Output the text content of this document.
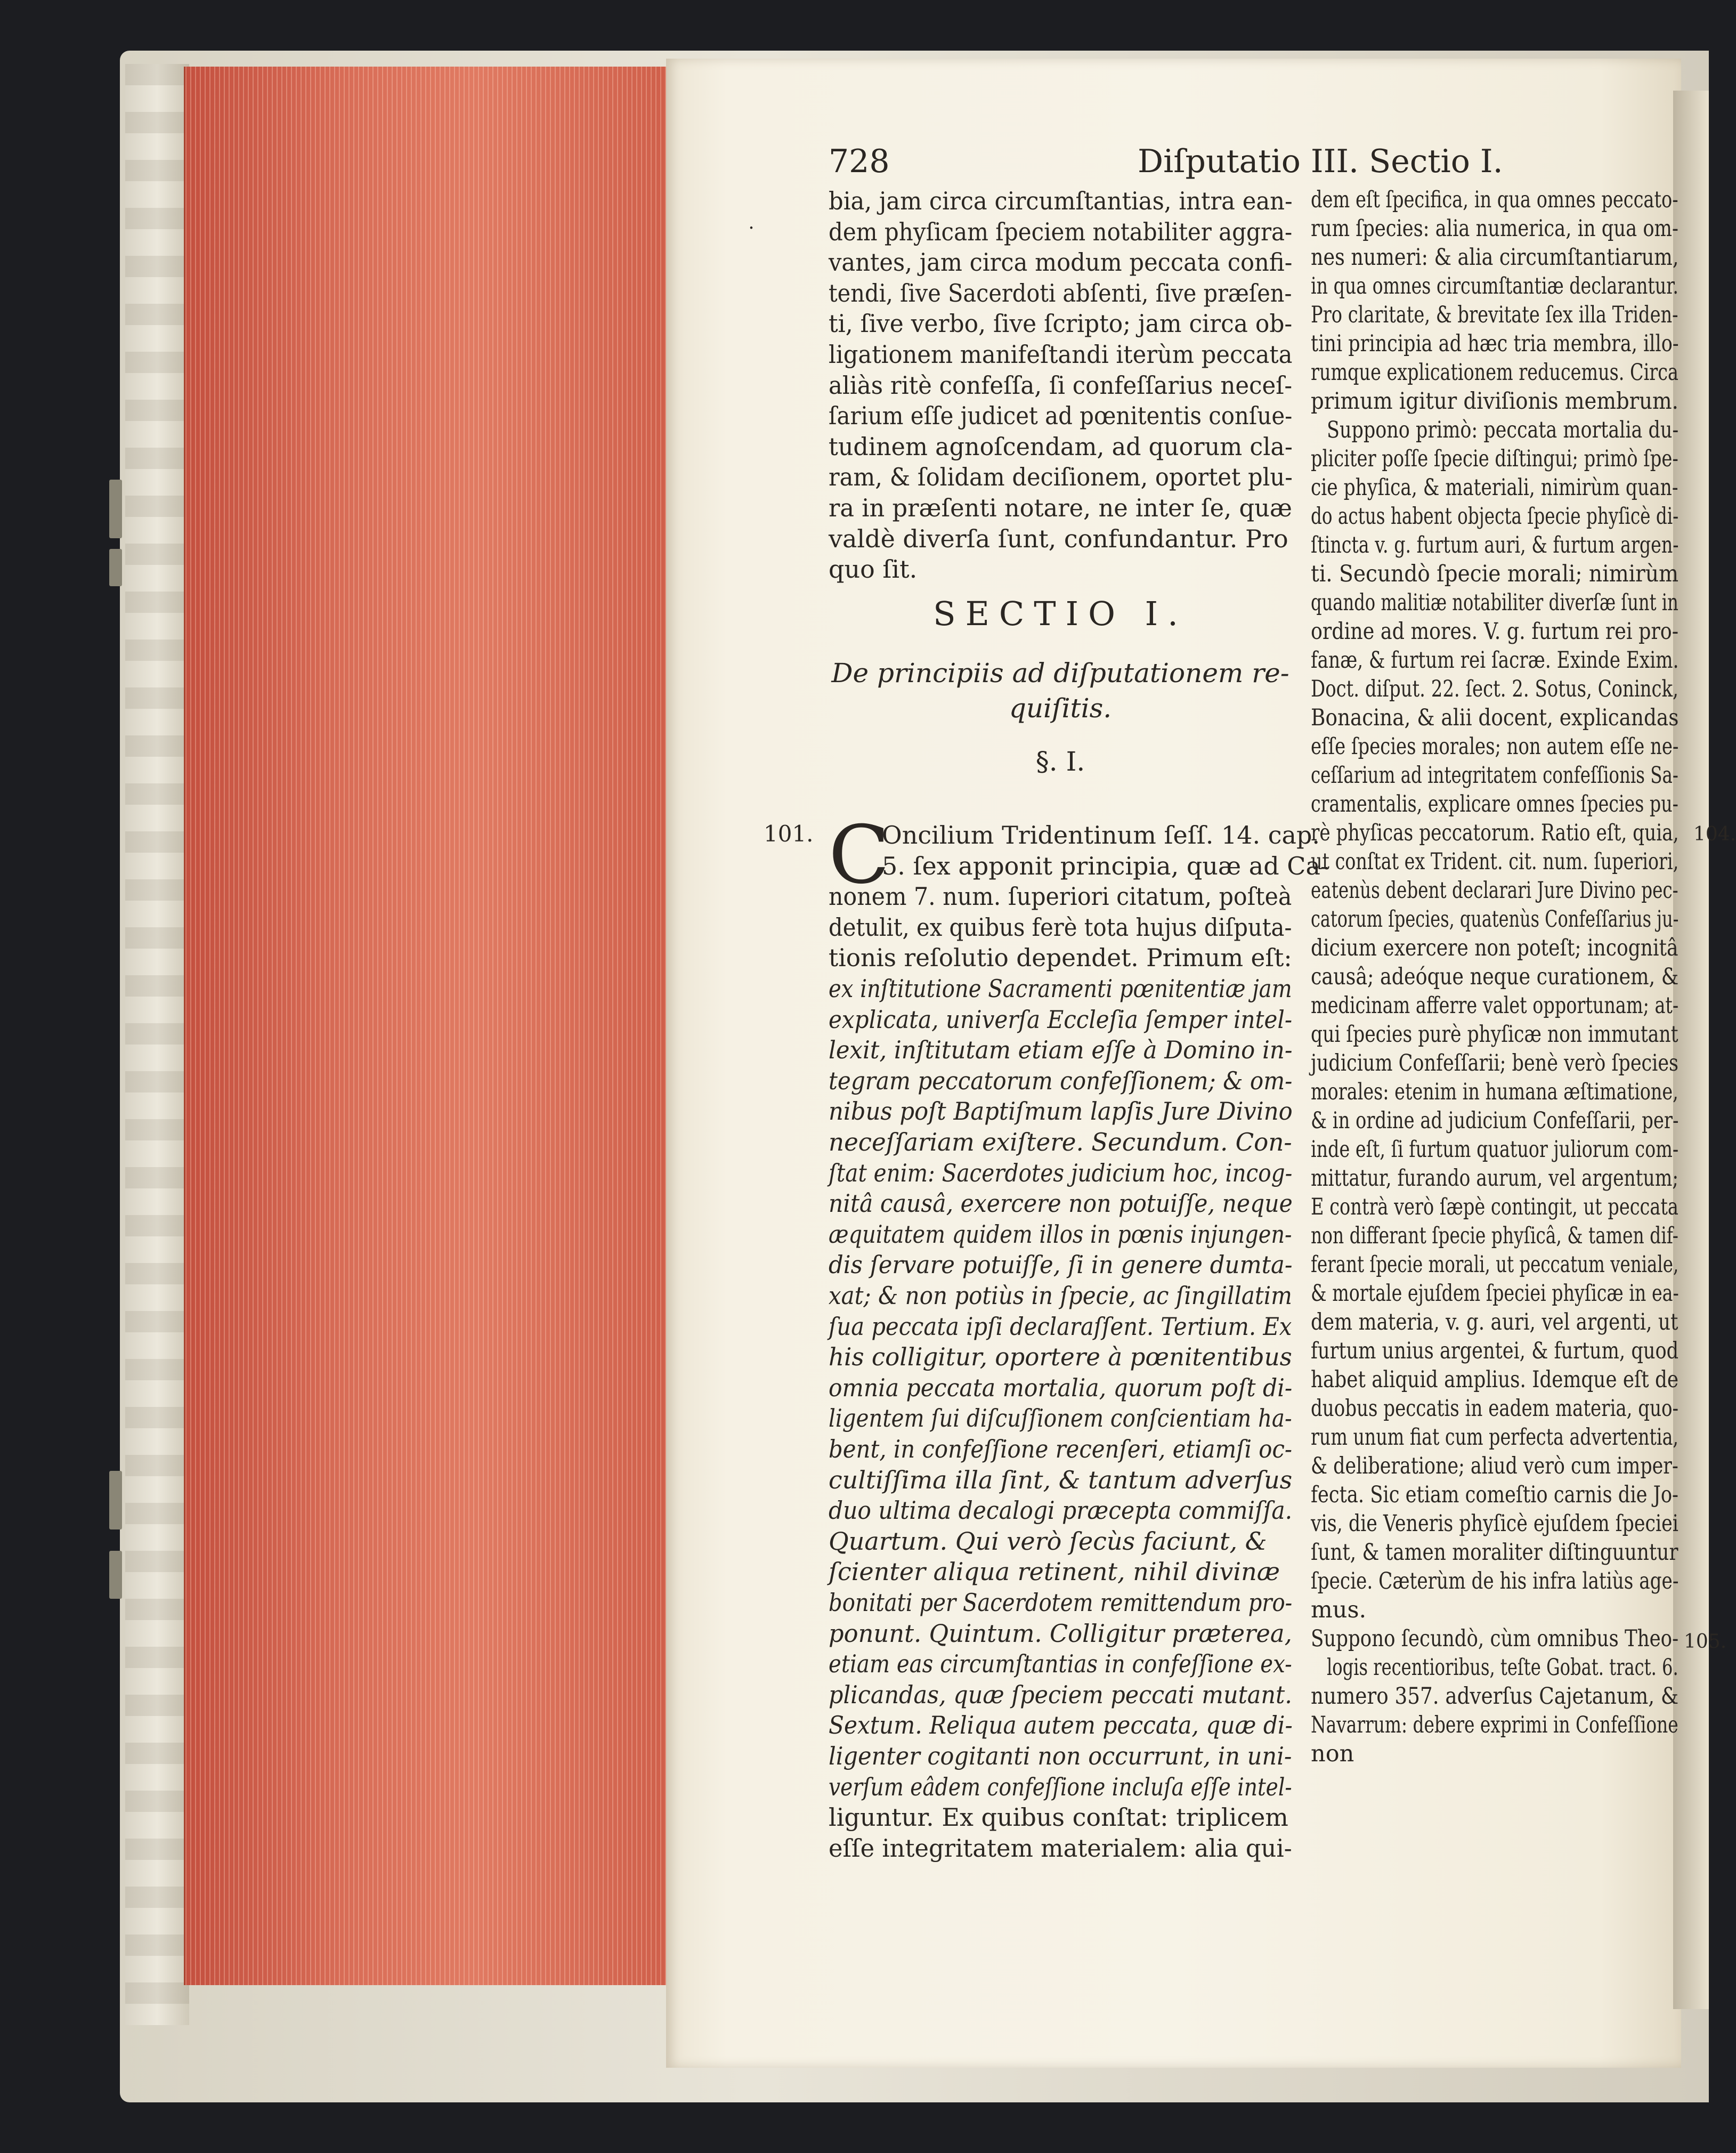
728	Diſputatio III. Sectio I.
SECTIO I.
De principiis ad diſputationem re-
quiſitis.
§. I.
C
101.	104.
105.
˙
bia, jam circa circumſtantias, intra ean-
dem phyſicam ſpeciem notabiliter aggra-
vantes, jam circa modum peccata confi-
tendi, ſive Sacerdoti abſenti, ſive præſen-
ti, ſive verbo, ſive ſcripto; jam circa ob-
ligationem manifeſtandi iterùm peccata
aliàs ritè confeſſa, ſi confeſſarius neceſ-
ſarium eſſe judicet ad pœnitentis conſue-
tudinem agnoſcendam, ad quorum cla-
ram, & ſolidam deciſionem, oportet plu-
ra in præſenti notare, ne inter ſe, quæ
valdè diverſa ſunt, confundantur. Pro
quo ſit.
Oncilium Tridentinum ſeſſ. 14. cap.
5. ſex apponit principia, quæ ad Ca-
nonem 7. num. ſuperiori citatum, poſteà
detulit, ex quibus ferè tota hujus diſputa-
tionis reſolutio dependet. Primum eſt:
ex inſtitutione Sacramenti pœnitentiæ jam
explicata, univerſa Eccleſia ſemper intel-
lexit, inſtitutam etiam eſſe à Domino in-
tegram peccatorum confeſſionem; & om-
nibus poſt Baptiſmum lapſis Jure Divino
neceſſariam exiſtere. Secundum. Con-
ſtat enim: Sacerdotes judicium hoc, incog-
nitâ causâ, exercere non potuiſſe, neque
æquitatem quidem illos in pœnis injungen-
dis ſervare potuiſſe, ſi in genere dumta-
xat; & non potiùs in ſpecie, ac ſingillatim
ſua peccata ipſi declaraſſent. Tertium. Ex
his colligitur, oportere à pœnitentibus
omnia peccata mortalia, quorum poſt di-
ligentem ſui diſcuſſionem conſcientiam ha-
bent, in confeſſione recenſeri, etiamſi oc-
cultiſſima illa ſint, & tantum adverſus
duo ultima decalogi præcepta commiſſa.
Quartum. Qui verò ſecùs faciunt, &
ſcienter aliqua retinent, nihil divinæ
bonitati per Sacerdotem remittendum pro-
ponunt. Quintum. Colligitur præterea,
etiam eas circumſtantias in confeſſione ex-
plicandas, quæ ſpeciem peccati mutant.
Sextum. Reliqua autem peccata, quæ di-
ligenter cogitanti non occurrunt, in uni-
verſum eâdem confeſſione incluſa eſſe intel-
liguntur. Ex quibus conſtat: triplicem
eſſe integritatem materialem: alia qui-
dem eſt ſpecifica, in qua omnes peccato-
rum ſpecies: alia numerica, in qua om-
nes numeri: & alia circumſtantiarum,
in qua omnes circumſtantiæ declarantur.
Pro claritate, & brevitate ſex illa Triden-
tini principia ad hæc tria membra, illo-
rumque explicationem reducemus. Circa
primum igitur diviſionis membrum.
Suppono primò: peccata mortalia du-
pliciter poſſe ſpecie diſtingui; primò ſpe-
cie phyſica, & materiali, nimirùm quan-
do actus habent objecta ſpecie phyſicè di-
ſtincta v. g. furtum auri, & furtum argen-
ti. Secundò ſpecie morali; nimirùm
quando malitiæ notabiliter diverſæ ſunt in
ordine ad mores. V. g. furtum rei pro-
fanæ, & furtum rei ſacræ. Exinde Exim.
Doct. diſput. 22. ſect. 2. Sotus, Coninck,
Bonacina, & alii docent, explicandas
eſſe ſpecies morales; non autem eſſe ne-
ceſſarium ad integritatem confeſſionis Sa-
cramentalis, explicare omnes ſpecies pu-
rè phyſicas peccatorum. Ratio eſt, quia,
ut conſtat ex Trident. cit. num. ſuperiori,
eatenùs debent declarari Jure Divino pec-
catorum ſpecies, quatenùs Confeſſarius ju-
dicium exercere non poteſt; incognitâ
causâ; adeóque neque curationem, &
medicinam afferre valet opportunam; at-
qui ſpecies purè phyſicæ non immutant
judicium Confeſſarii; benè verò ſpecies
morales: etenim in humana æſtimatione,
& in ordine ad judicium Confeſſarii, per-
inde eſt, ſi furtum quatuor juliorum com-
mittatur, furando aurum, vel argentum;
E contrà verò ſæpè contingit, ut peccata
non differant ſpecie phyſicâ, & tamen dif-
ferant ſpecie morali, ut peccatum veniale,
& mortale ejuſdem ſpeciei phyſicæ in ea-
dem materia, v. g. auri, vel argenti, ut
furtum unius argentei, & furtum, quod
habet aliquid amplius. Idemque eſt de
duobus peccatis in eadem materia, quo-
rum unum fiat cum perfecta advertentia,
& deliberatione; aliud verò cum imper-
fecta. Sic etiam comeſtio carnis die Jo-
vis, die Veneris phyſicè ejuſdem ſpeciei
ſunt, & tamen moraliter diſtinguuntur
ſpecie. Cæterùm de his infra latiùs age-
mus.
Suppono ſecundò, cùm omnibus Theo-
logis recentioribus, teſte Gobat. tract. 6.
numero 357. adverſus Cajetanum, &
Navarrum: debere exprimi in Confeſſione
non
